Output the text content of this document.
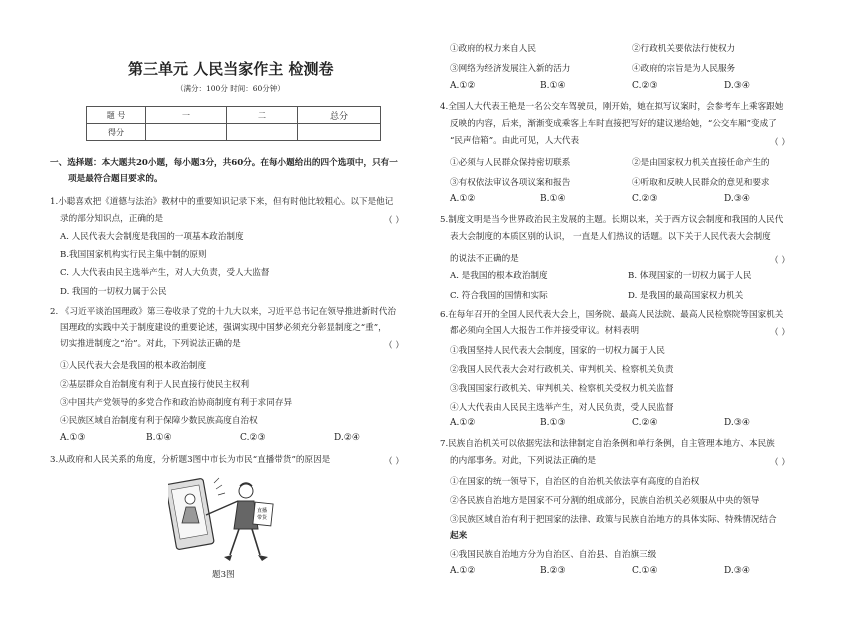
第三单元 人民当家作主 检测卷
（满分：100分 时间：60分钟）
题 号	一	二	总分
得分			
一、选择题：本大题共20小题，每小题3分，共60分。在每小题给出的四个选项中，只有一
项是最符合题目要求的。
1.小聪喜欢把《道德与法治》教材中的重要知识记录下来，但有时他比较粗心。以下是他记
录的部分知识点，正确的是	（ ）
A. 人民代表大会制度是我国的一项基本政治制度
B.我国国家机构实行民主集中制的原则
C. 人大代表由民主选举产生，对人大负责，受人大监督
D. 我国的一切权力属于公民
2. 《习近平谈治国理政》第三卷收录了党的十九大以来，习近平总书记在领导推进新时代治
国理政的实践中关于制度建设的重要论述，强调实现中国梦必须充分彰显制度之“重”，
切实推进制度之“治”。对此，下列说法正确的是	（ ）
①人民代表大会是我国的根本政治制度
②基层群众自治制度有利于人民直接行使民主权利
③中国共产党领导的多党合作和政治协商制度有利于求同存异
④民族区域自治制度有利于保障少数民族高度自治权
A.①③	B.①④	C.②③	D.②④
3.从政府和人民关系的角度，分析题3图中市长为市民“直播带货”的原因是	（ ）
直播
带货
题3图
①政府的权力来自人民	②行政机关要依法行使权力
③网络为经济发展注入新的活力	④政府的宗旨是为人民服务
A.①②	B.①④	C.②③	D.③④
4.全国人大代表王艳是一名公交车驾驶员，刚开始，她在拟写议案时，会参考车上乘客跟她
反映的内容，后来，渐渐变成乘客上车时直接把写好的建议递给她，“公交车厢”变成了
“民声信箱”。由此可见，人大代表	（ ）
①必须与人民群众保持密切联系	②是由国家权力机关直接任命产生的
③有权依法审议各项议案和报告	④听取和反映人民群众的意见和要求
A.①②	B.①④	C.②③	D.③④
5.制度文明是当今世界政治民主发展的主题。长期以来，关于西方议会制度和我国的人民代
表大会制度的本质区别的认识， 一直是人们热议的话题。以下关于人民代表大会制度
的说法不正确的是	（ ）
A. 是我国的根本政治制度	B. 体现国家的一切权力属于人民
C. 符合我国的国情和实际	D. 是我国的最高国家权力机关
6.在每年召开的全国人民代表大会上，国务院、最高人民法院、最高人民检察院等国家机关
都必须向全国人大报告工作并接受审议。材料表明	（ ）
①我国坚持人民代表大会制度，国家的一切权力属于人民
②我国人民代表大会对行政机关、审判机关、检察机关负责
③我国国家行政机关、审判机关、检察机关受权力机关监督
④人大代表由人民民主选举产生，对人民负责，受人民监督
A.①②	B.①③	C.②④	D.③④
7.民族自治机关可以依据宪法和法律制定自治条例和单行条例，自主管理本地方、本民族
的内部事务。对此，下列说法正确的是	（ ）
①在国家的统一领导下，自治区的自治机关依法享有高度的自治权
②各民族自治地方是国家不可分割的组成部分，民族自治机关必须服从中央的领导
③民族区域自治有利于把国家的法律、政策与民族自治地方的具体实际、特殊情况结合
起来
④我国民族自治地方分为自治区、自治县、自治旗三级
A.①②	B.②③	C.①④	D.③④
